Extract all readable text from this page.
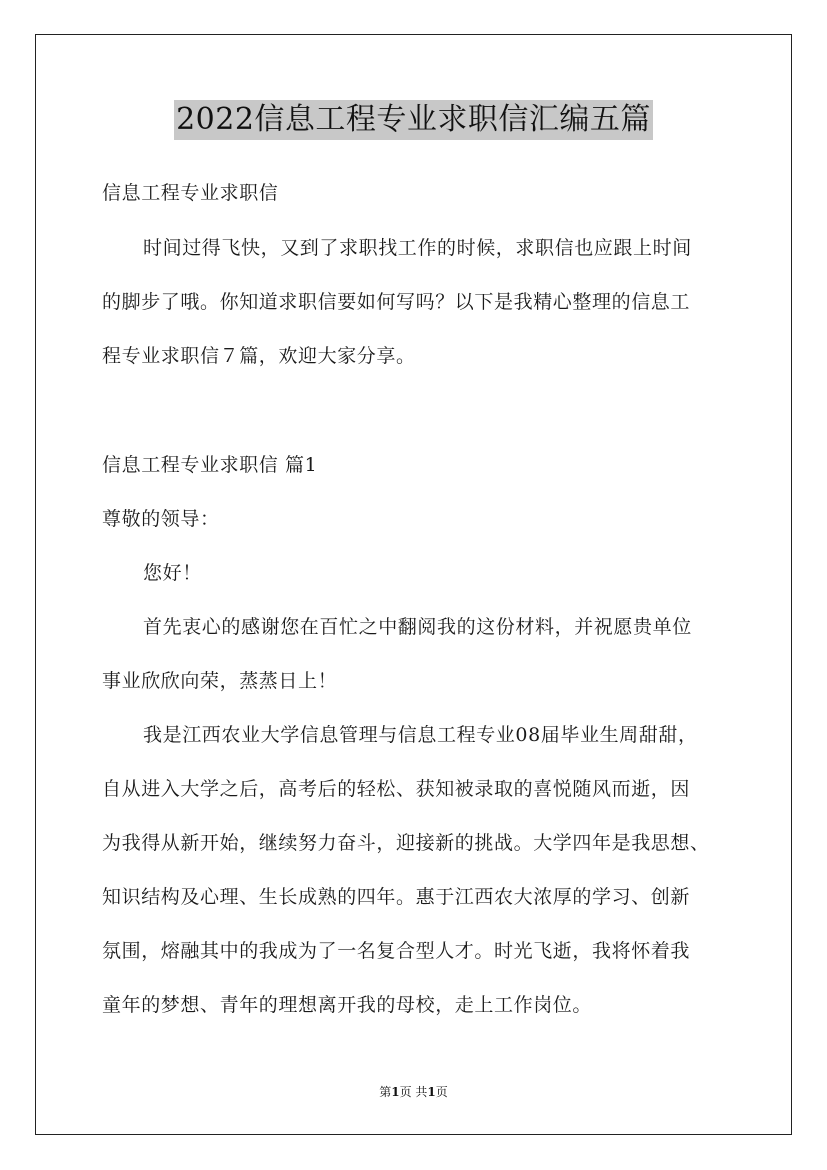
2022信息工程专业求职信汇编五篇
信息工程专业求职信
时间过得飞快，又到了求职找工作的时候，求职信也应跟上时间
的脚步了哦。你知道求职信要如何写吗？以下是我精心整理的信息工
程专业求职信７篇，欢迎大家分享。
信息工程专业求职信 篇1
尊敬的领导：
您好！
首先衷心的感谢您在百忙之中翻阅我的这份材料，并祝愿贵单位
事业欣欣向荣，蒸蒸日上！
我是江西农业大学信息管理与信息工程专业08届毕业生周甜甜，
自从进入大学之后，高考后的轻松、获知被录取的喜悦随风而逝，因
为我得从新开始，继续努力奋斗，迎接新的挑战。大学四年是我思想、
知识结构及心理、生长成熟的四年。惠于江西农大浓厚的学习、创新
氛围，熔融其中的我成为了一名复合型人才。时光飞逝，我将怀着我
童年的梦想、青年的理想离开我的母校，走上工作岗位。
第1页 共1页
